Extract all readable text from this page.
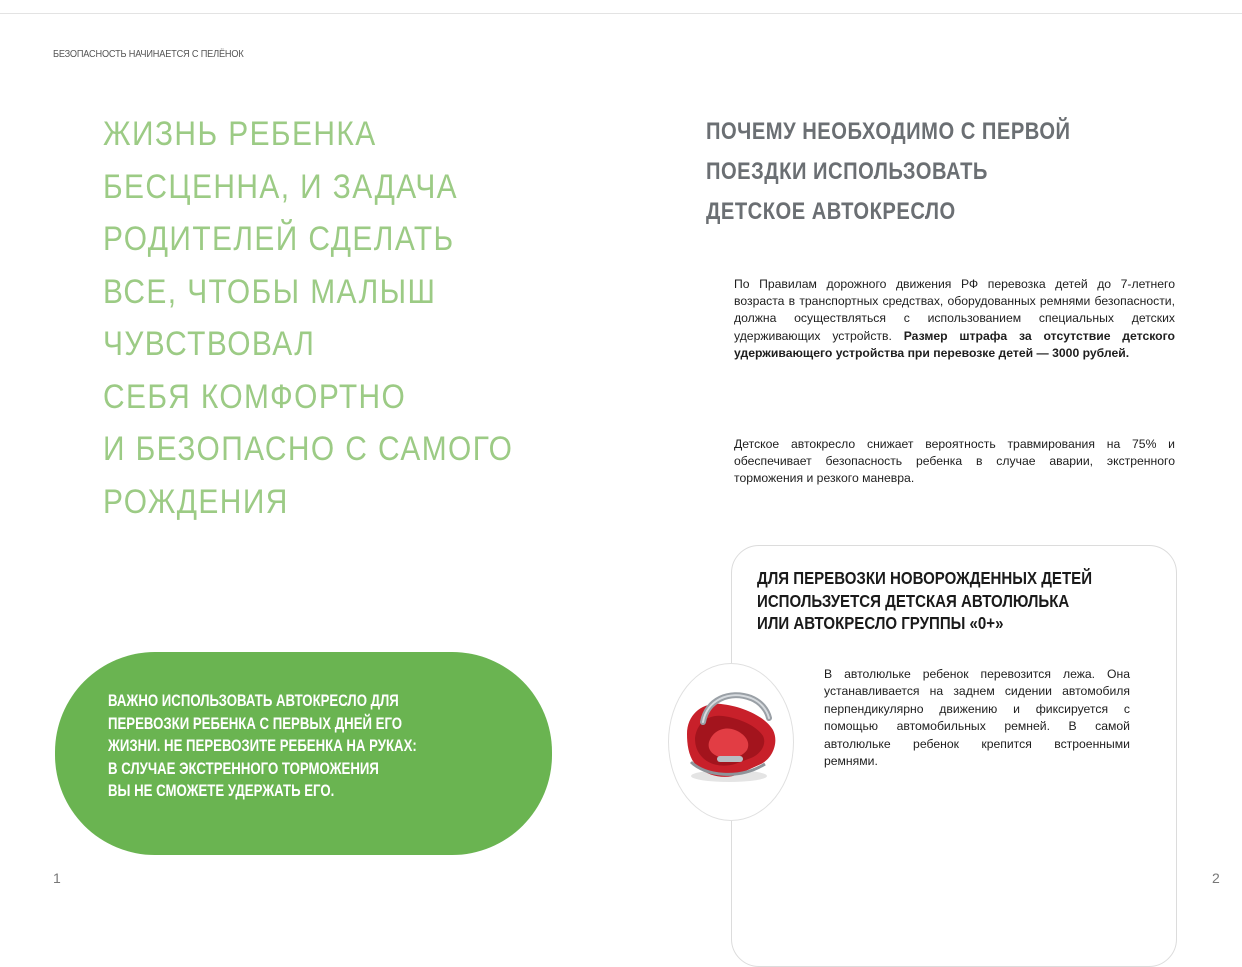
БЕЗОПАСНОСТЬ НАЧИНАЕТСЯ С ПЕЛЁНОК
ЖИЗНЬ РЕБЕНКА
БЕСЦЕННА, И ЗАДАЧА
РОДИТЕЛЕЙ СДЕЛАТЬ
ВСЕ, ЧТОБЫ МАЛЫШ
ЧУВСТВОВАЛ
СЕБЯ КОМФОРТНО
И БЕЗОПАСНО С САМОГО
РОЖДЕНИЯ
ВАЖНО ИСПОЛЬЗОВАТЬ АВТОКРЕСЛО ДЛЯ
ПЕРЕВОЗКИ РЕБЕНКА С ПЕРВЫХ ДНЕЙ ЕГО
ЖИЗНИ. НЕ ПЕРЕВОЗИТЕ РЕБЕНКА НА РУКАХ:
В СЛУЧАЕ ЭКСТРЕННОГО ТОРМОЖЕНИЯ
ВЫ НЕ СМОЖЕТЕ УДЕРЖАТЬ ЕГО.
1
ПОЧЕМУ НЕОБХОДИМО С ПЕРВОЙ
ПОЕЗДКИ ИСПОЛЬЗОВАТЬ
ДЕТСКОЕ АВТОКРЕСЛО
По Правилам дорожного движения РФ перевозка детей до 7-летнего возраста в транспортных средствах, оборудованных ремнями безопасности, должна осуществляться с использованием специальных детских удерживающих устройств. Размер штрафа за отсутствие детского удерживающего устройства при перевозке детей — 3000 рублей.
Детское автокресло снижает вероятность травмирования на 75% и обеспечивает безопасность ребенка в случае аварии, экстренного торможения и резкого маневра.
ДЛЯ ПЕРЕВОЗКИ НОВОРОЖДЕННЫХ ДЕТЕЙ
ИСПОЛЬЗУЕТСЯ ДЕТСКАЯ АВТОЛЮЛЬКА
ИЛИ АВТОКРЕСЛО ГРУППЫ «0+»
В автолюльке ребенок перевозится лежа. Она устанавливается на заднем сидении автомобиля перпендикулярно движению и фиксируется с помощью автомобильных ремней. В самой автолюльке ребенок крепится встроенными ремнями.
2
